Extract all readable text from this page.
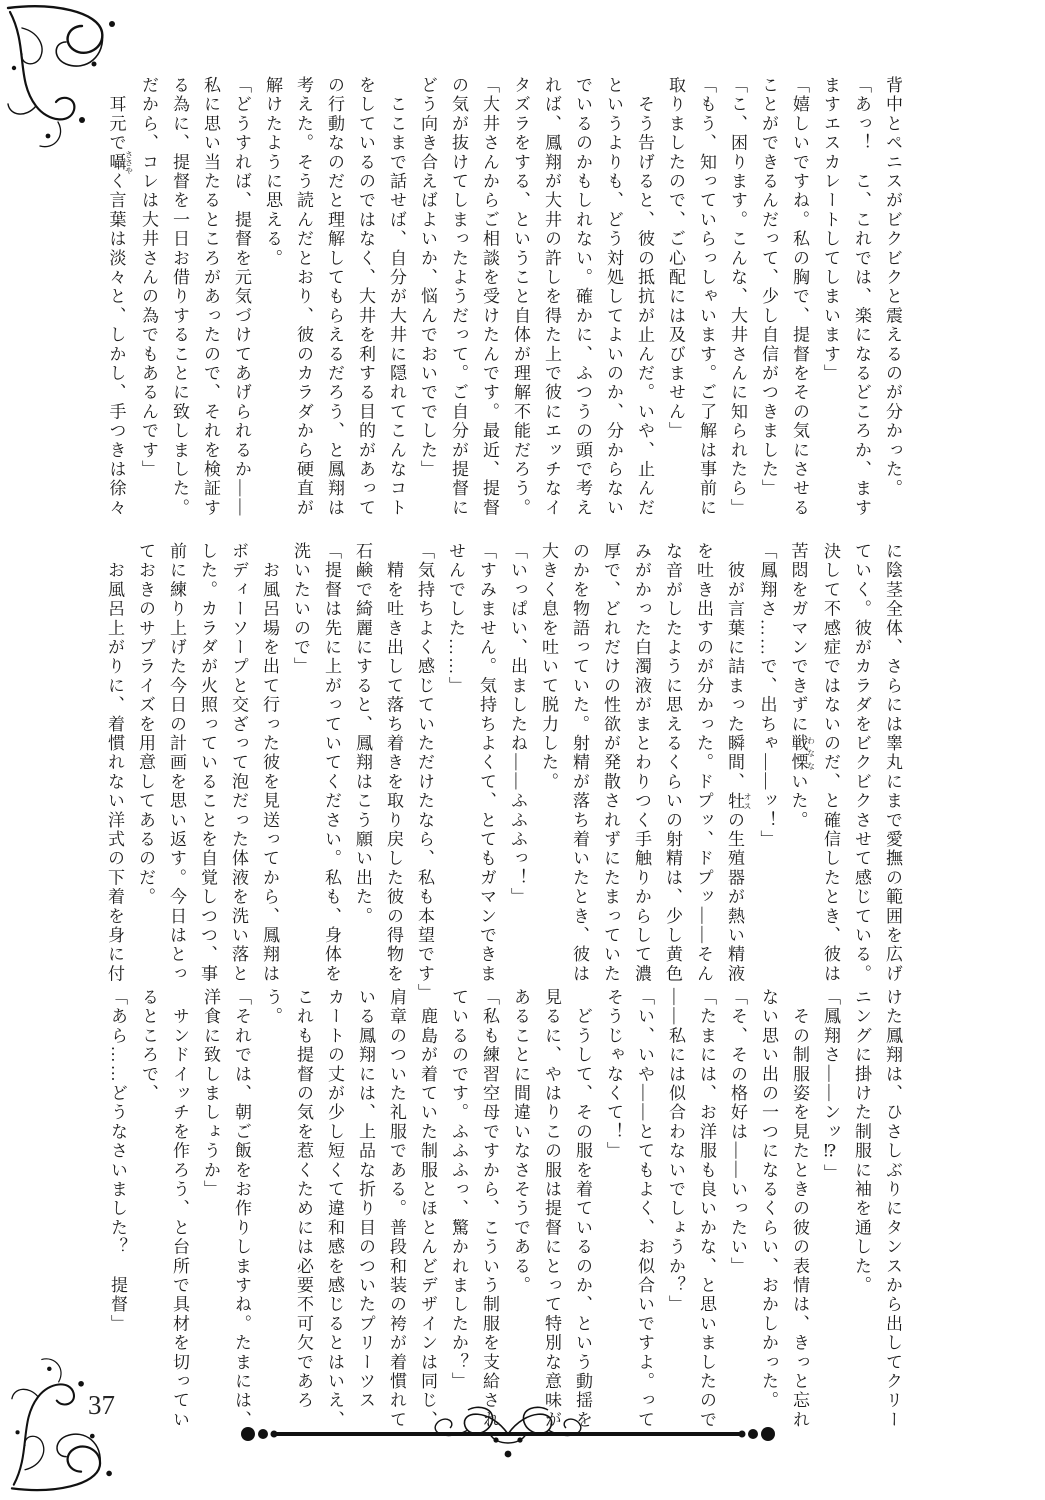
37
背中とペニスがビクビクと震えるのが分かった。
「あっ！　こ、これでは、楽になるどころか、ます
ますエスカレートしてしまいます」
「嬉しいですね。私の胸で、提督をその気にさせる
ことができるんだって、少し自信がつきました」
「こ、困ります。こんな、大井さんに知られたら」
「もう、知っていらっしゃいます。ご了解は事前に
取りましたので、ご心配には及びません」
　そう告げると、彼の抵抗が止んだ。いや、止んだ
というよりも、どう対処してよいのか、分からない
でいるのかもしれない。確かに、ふつうの頭で考え
れば、鳳翔が大井の許しを得た上で彼にエッチなイ
タズラをする、ということ自体が理解不能だろう。
「大井さんからご相談を受けたんです。最近、提督
の気が抜けてしまったようだって。ご自分が提督に
どう向き合えばよいか、悩んでおいででした」
　ここまで話せば、自分が大井に隠れてこんなコト
をしているのではなく、大井を利する目的があって
の行動なのだと理解してもらえるだろう、と鳳翔は
考えた。そう読んだとおり、彼のカラダから硬直が
解けたように思える。
「どうすれば、提督を元気づけてあげられるか――
私に思い当たるところがあったので、それを検証す
る為に、提督を一日お借りすることに致しました。
だから、コレは大井さんの為でもあるんです」
　耳元で囁 ささやく言葉は淡々と、しかし、手つきは徐々
に陰茎全体、さらには睾丸にまで愛撫の範囲を広げ
ていく。彼がカラダをビクビクさせて感じている。
決して不感症ではないのだ、と確信したとき、彼は
苦悶をガマンできずに戦慄 わなないた。
「鳳翔さ……で、出ちゃ――ッ！」
　彼が言葉に詰まった瞬間、牡 オスの生殖器が熱い精液
を吐き出すのが分かった。ドプッ、ドプッ――そん
な音がしたように思えるくらいの射精は、少し黄色
みがかった白濁液がまとわりつく手触りからして濃
厚で、どれだけの性欲が発散されずにたまっていた
のかを物語っていた。射精が落ち着いたとき、彼は
大きく息を吐いて脱力した。
「いっぱい、出ましたね――ふふふっ！」
「すみません。気持ちよくて、とてもガマンできま
せんでした……」
「気持ちよく感じていただけたなら、私も本望です」
　精を吐き出して落ち着きを取り戻した彼の得物を
石鹸で綺麗にすると、鳳翔はこう願い出た。
「提督は先に上がっていてください。私も、身体を
洗いたいので」
　お風呂場を出て行った彼を見送ってから、鳳翔は
ボディーソープと交ざって泡だった体液を洗い落と
した。カラダが火照っていることを自覚しつつ、事
前に練り上げた今日の計画を思い返す。今日はとっ
ておきのサプライズを用意してあるのだ。
　お風呂上がりに、着慣れない洋式の下着を身に付
けた鳳翔は、ひさしぶりにタンスから出してクリー
ニングに掛けた制服に袖を通した。
「鳳翔さ――ンッ⁉」
　その制服姿を見たときの彼の表情は、きっと忘れ
ない思い出の一つになるくらい、おかしかった。
「そ、その格好は――いったい」
「たまには、お洋服も良いかな、と思いましたので
――私には似合わないでしょうか？」
「い、いや――とてもよく、お似合いですよ。って
そうじゃなくて！」
　どうして、その服を着ているのか、という動揺を
見るに、やはりこの服は提督にとって特別な意味が
あることに間違いなさそうである。
「私も練習空母ですから、こういう制服を支給され
ているのです。ふふふっ、驚かれましたか？」
　鹿島が着ていた制服とほとんどデザインは同じ、
肩章のついた礼服である。普段和装の袴が着慣れて
いる鳳翔には、上品な折り目のついたプリーツス
カートの丈が少し短くて違和感を感じるとはいえ、
これも提督の気を惹くためには必要不可欠であろ
う。
「それでは、朝ご飯をお作りしますね。たまには、
洋食に致しましょうか」
　サンドイッチを作ろう、と台所で具材を切ってい
るところで、
「あら……どうなさいました？　提督」
